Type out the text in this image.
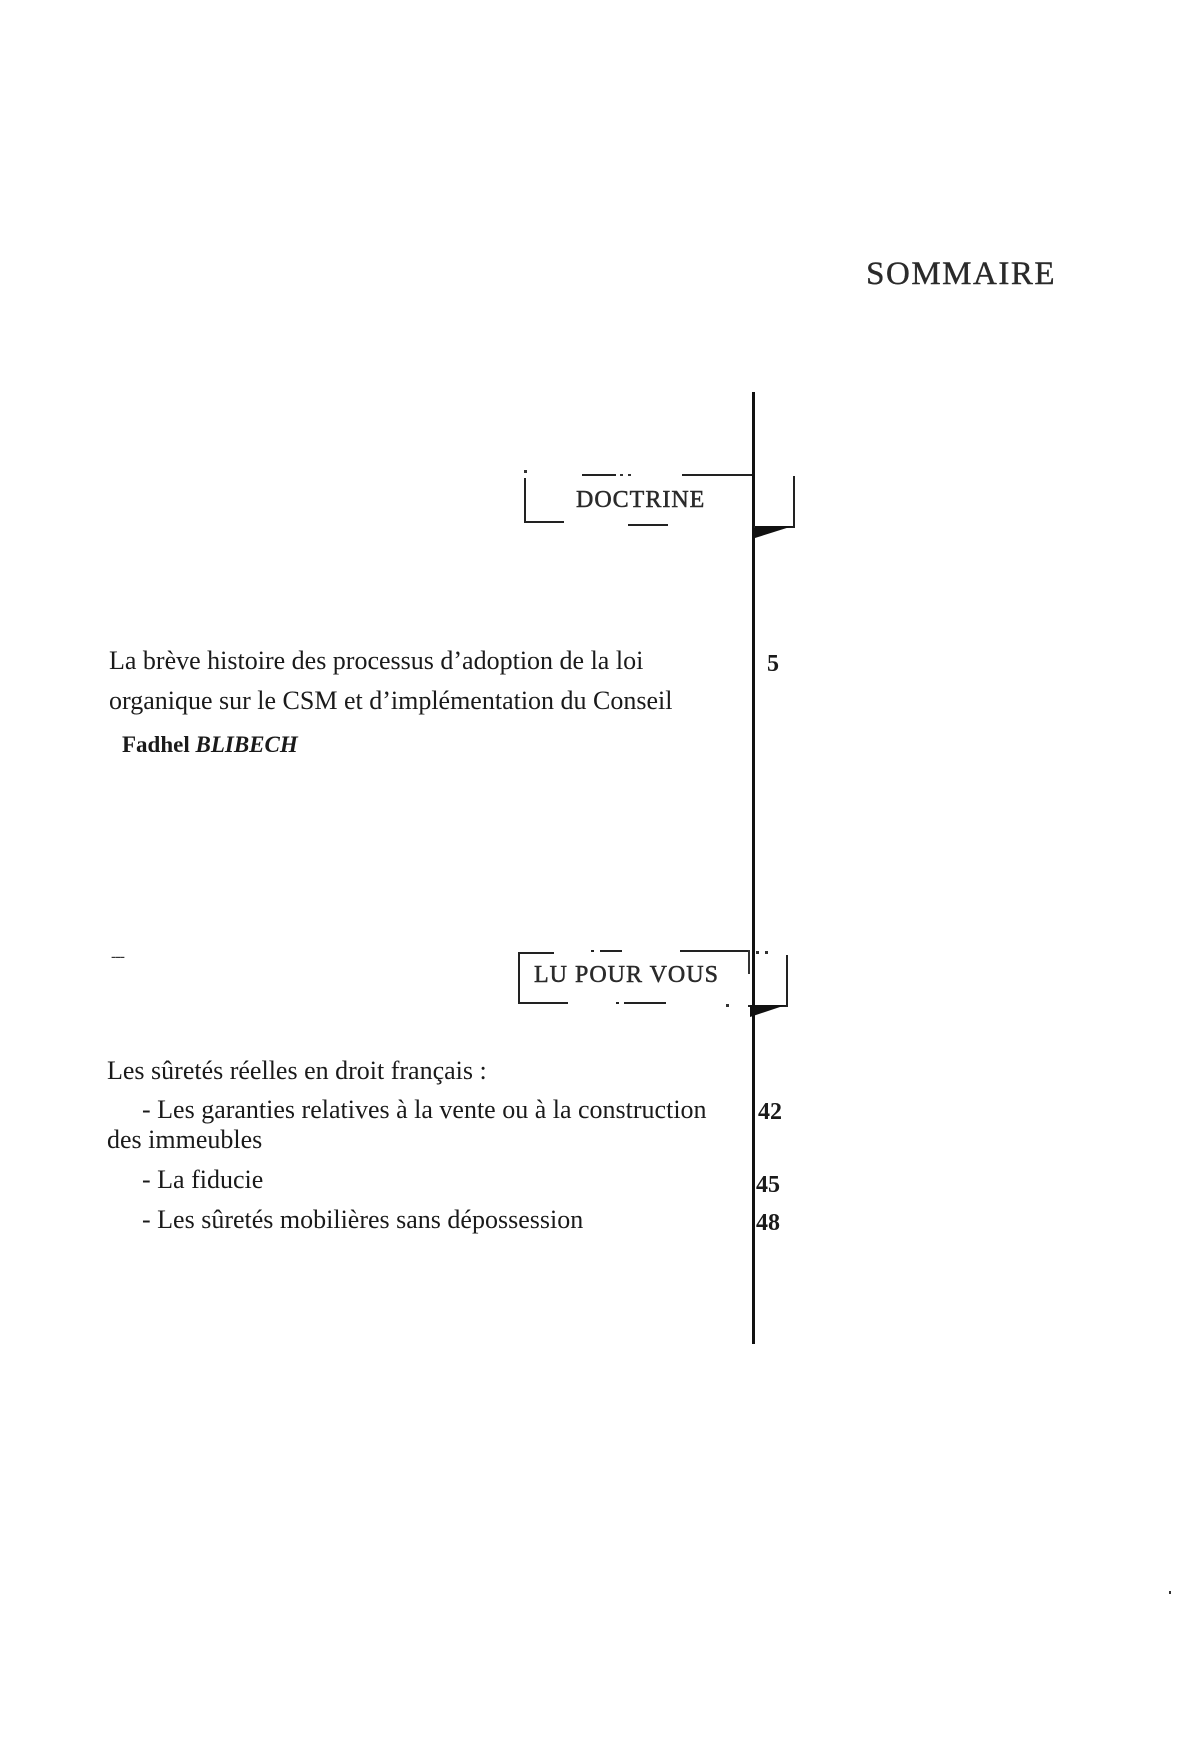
SOMMAIRE
DOCTRINE
La brève histoire des processus d’adoption de la loi
organique sur le CSM et d’implémentation du Conseil
Fadhel BLIBECH
5
---
LU POUR VOUS
Les sûretés réelles en droit français :
- Les garanties relatives à la vente ou à la construction
des immeubles
42
- La fiducie	45
- Les sûretés mobilières sans dépossession	48
